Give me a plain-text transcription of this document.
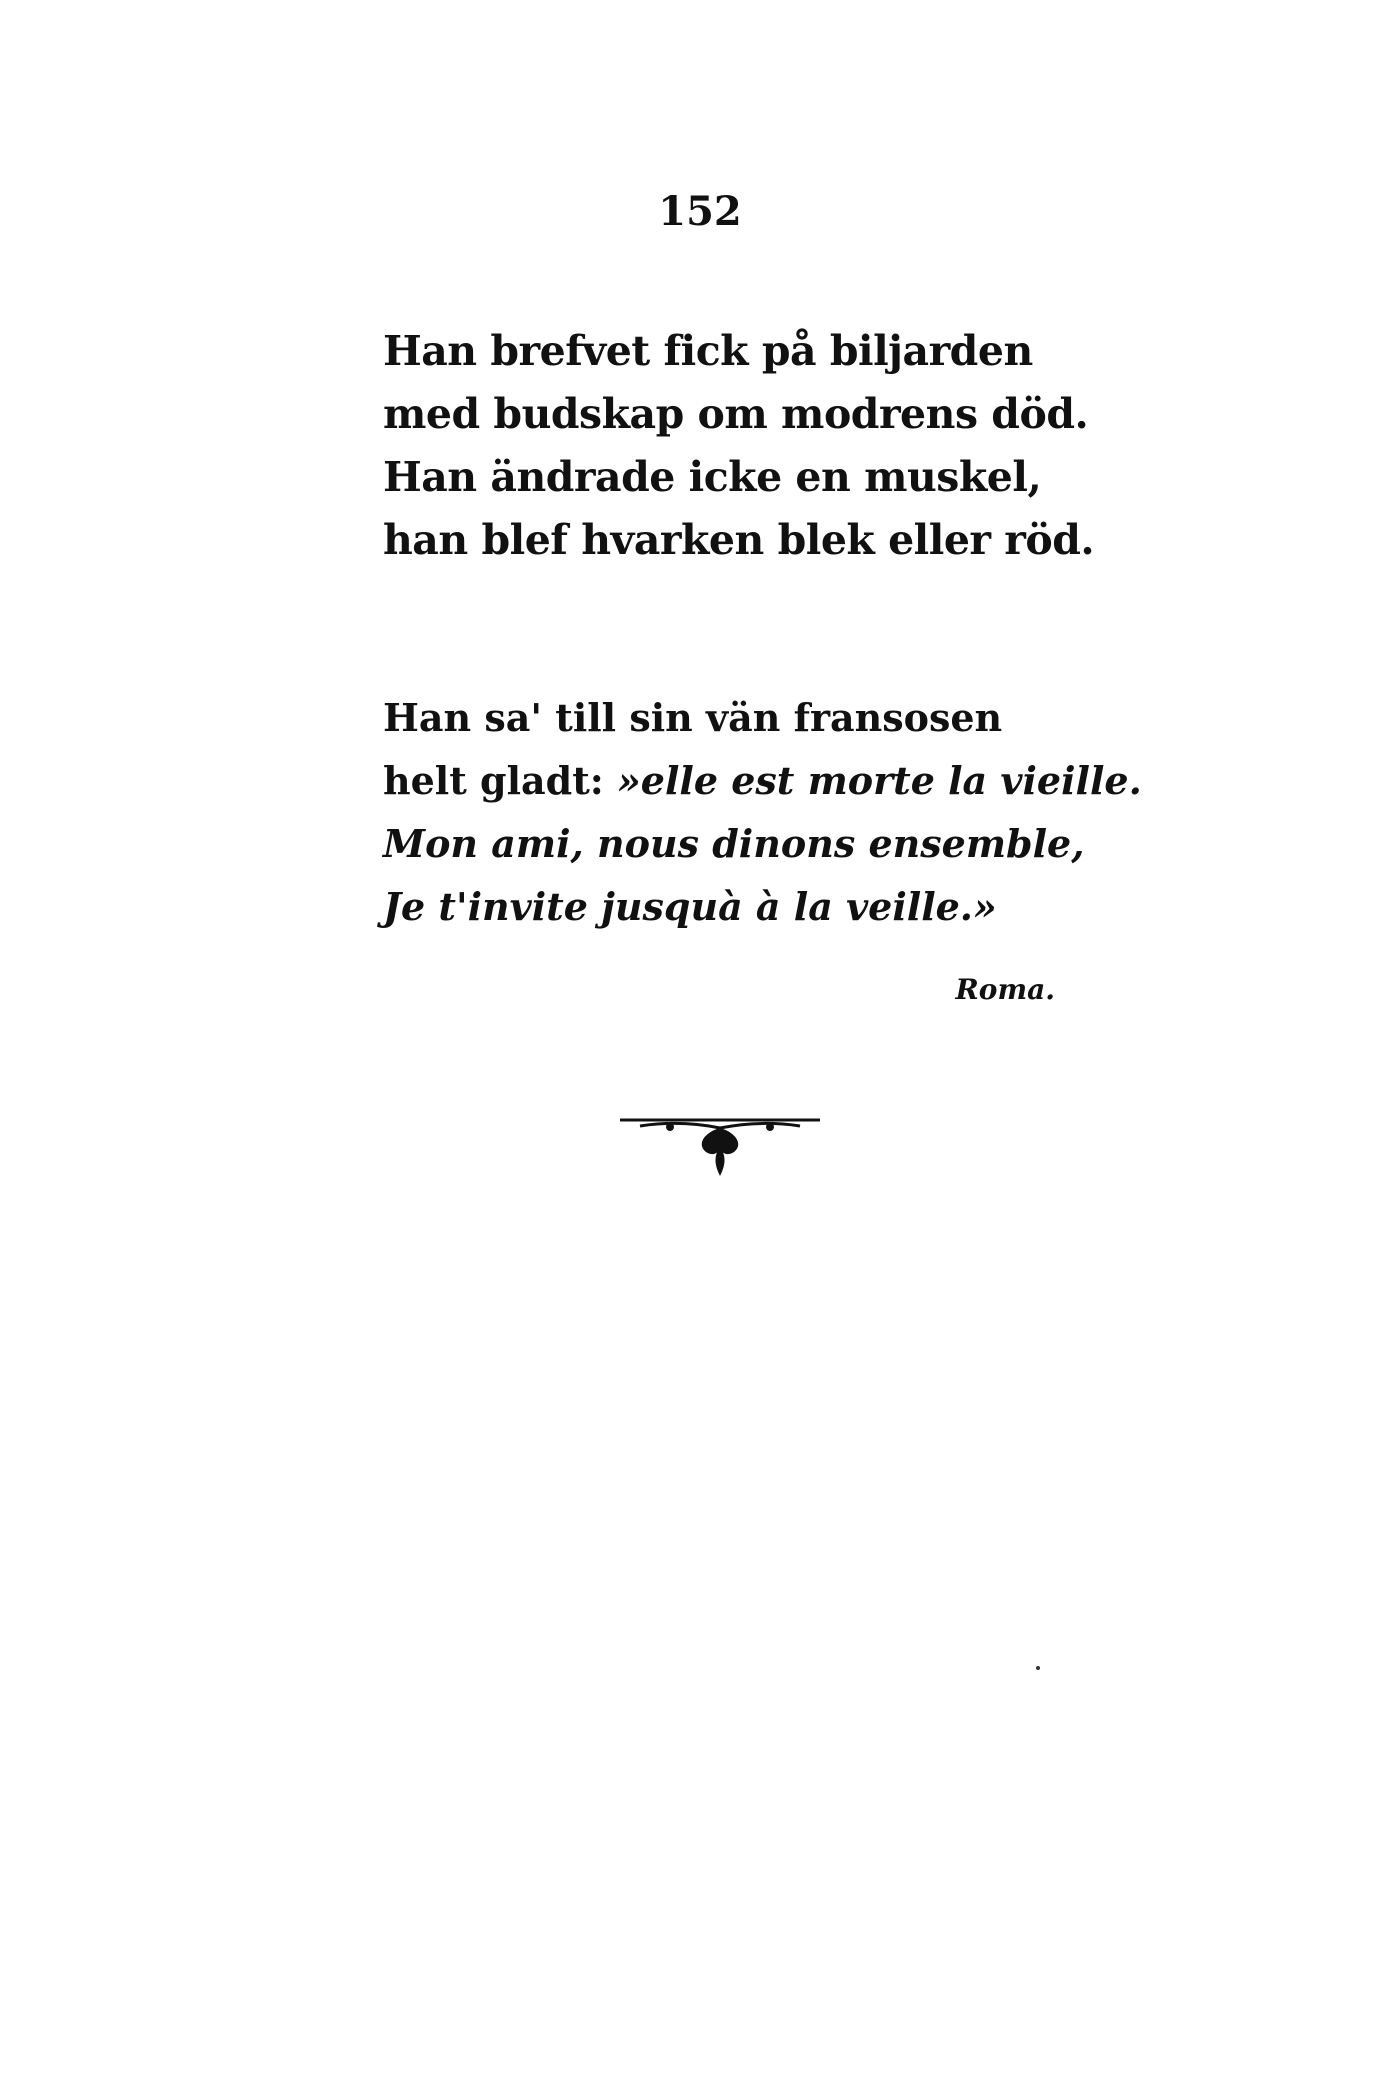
152
Han brefvet fick på biljarden
med budskap om modrens död.
Han ändrade icke en muskel,
han blef hvarken blek eller röd.
Han sa' till sin vän fransosen
helt gladt: »elle est morte la vieille.
Mon ami, nous dinons ensemble,
Je t'invite jusquà à la veille.»
Roma.
